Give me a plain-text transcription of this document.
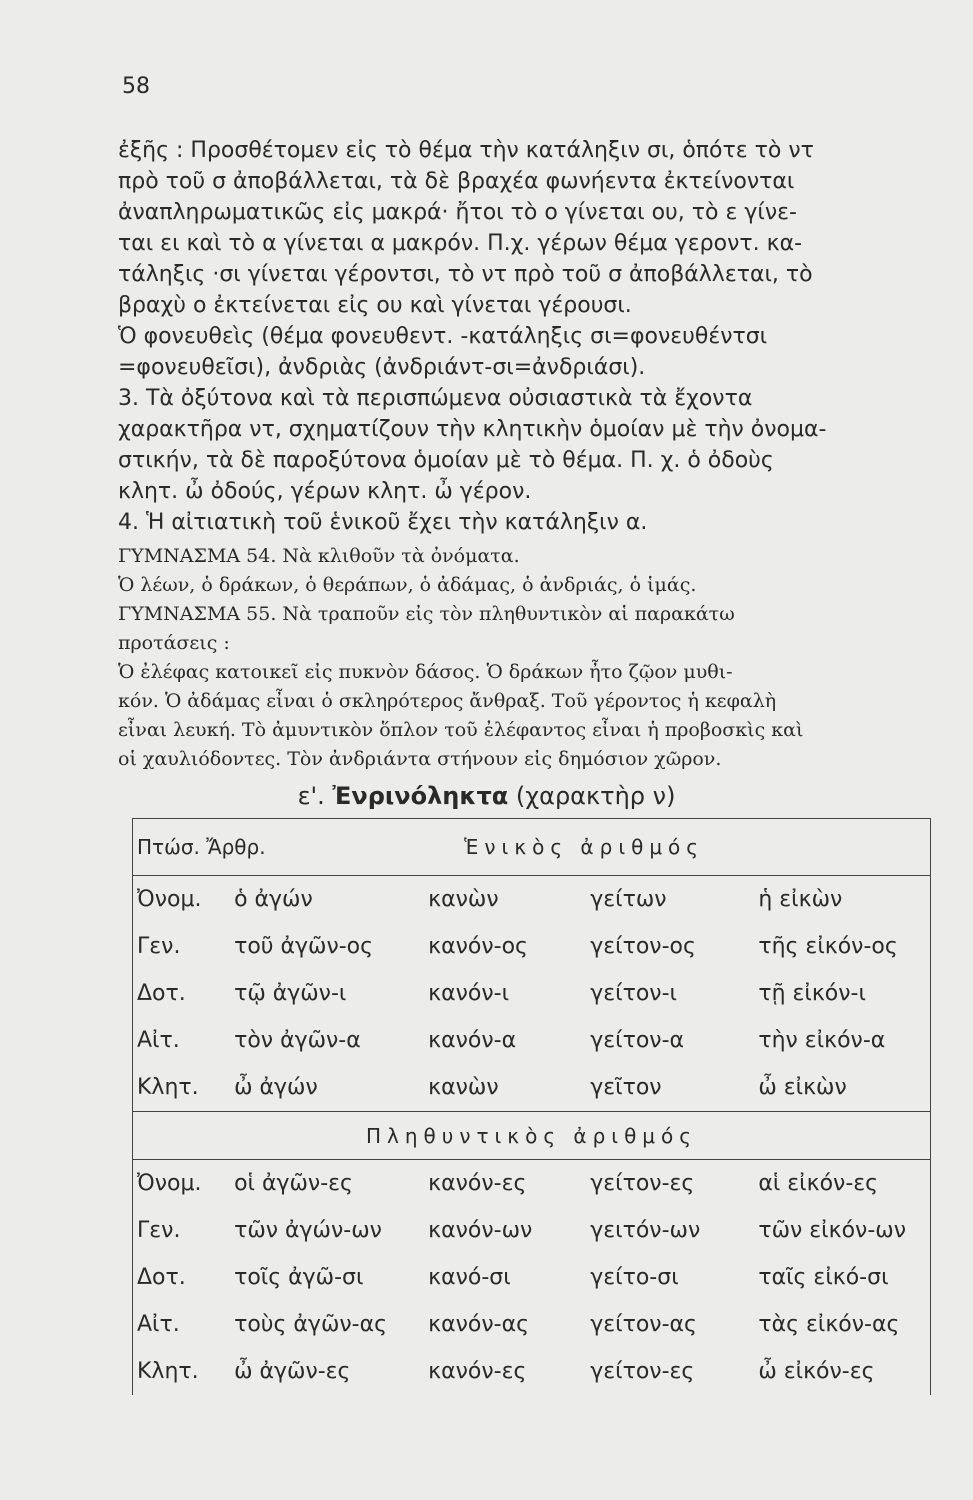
58
ἐξῆς : Προσθέτομεν εἰς τὸ θέμα τὴν κατάληξιν σι, ὁπότε τὸ ντ
πρὸ τοῦ σ ἀποβάλλεται, τὰ δὲ βραχέα φωνήεντα ἐκτείνονται
ἀναπληρωματικῶς εἰς μακρά· ἤτοι τὸ ο γίνεται ου, τὸ ε γίνε-
ται ει καὶ τὸ α γίνεται α μακρόν. Π.χ. γέρων θέμα γεροντ. κα-
τάληξις ·σι γίνεται γέροντσι, τὸ ντ πρὸ τοῦ σ ἀποβάλλεται, τὸ
βραχὺ ο ἐκτείνεται εἰς ου καὶ γίνεται γέρουσι.
Ὁ φονευθεὶς (θέμα φονευθεντ. -κατάληξις σι=φονευθέντσι
=φονευθεῖσι), ἀνδριὰς (ἀνδριάντ-σι=ἀνδριάσι).
3. Τὰ ὀξύτονα καὶ τὰ περισπώμενα οὐσιαστικὰ τὰ ἔχοντα
χαρακτῆρα ντ, σχηματίζουν τὴν κλητικὴν ὁμοίαν μὲ τὴν ὀνομα-
στικήν, τὰ δὲ παροξύτονα ὁμοίαν μὲ τὸ θέμα. Π. χ. ὁ ὀδοὺς
κλητ. ὦ ὀδούς, γέρων κλητ. ὦ γέρον.
4. Ἡ αἰτιατικὴ τοῦ ἑνικοῦ ἔχει τὴν κατάληξιν α.
ΓΥΜΝΑΣΜΑ 54. Νὰ κλιθοῦν τὰ ὀνόματα.
Ὁ λέων, ὁ δράκων, ὁ θεράπων, ὁ ἀδάμας, ὁ ἀνδριάς, ὁ ἱμάς.
ΓΥΜΝΑΣΜΑ 55. Νὰ τραποῦν εἰς τὸν πληθυντικὸν αἱ παρακάτω
προτάσεις :
Ὁ ἐλέφας κατοικεῖ εἰς πυκνὸν δάσος. Ὁ δράκων ἦτο ζῷον μυθι-
κόν. Ὁ ἀδάμας εἶναι ὁ σκληρότερος ἄνθραξ. Τοῦ γέροντος ἡ κεφαλὴ
εἶναι λευκή. Τὸ ἀμυντικὸν ὅπλον τοῦ ἐλέφαντος εἶναι ἡ προβοσκὶς καὶ
οἱ χαυλιόδοντες. Τὸν ἀνδριάντα στήνουν εἰς δημόσιον χῶρον.
ε'. Ἐνρινόληκτα (χαρακτὴρ ν)
Πτώσ. Ἄρθρ.		Ἑνικὸς ἀριθμός		
Ὀνομ.	ὁ ἀγών	κανὼν	γείτων	ἡ εἰκὼν
Γεν.	τοῦ ἀγῶν-ος	κανόν-ος	γείτον-ος	τῆς εἰκόν-ος
Δοτ.	τῷ ἀγῶν-ι	κανόν-ι	γείτον-ι	τῇ εἰκόν-ι
Αἰτ.	τὸν ἀγῶν-α	κανόν-α	γείτον-α	τὴν εἰκόν-α
Κλητ.	ὦ ἀγών	κανὼν	γεῖτον	ὦ εἰκὼν
Πληθυντικὸς ἀριθμός				
Ὀνομ.	οἱ ἀγῶν-ες	κανόν-ες	γείτον-ες	αἱ εἰκόν-ες
Γεν.	τῶν ἀγών-ων	κανόν-ων	γειτόν-ων	τῶν εἰκόν-ων
Δοτ.	τοῖς ἀγῶ-σι	κανό-σι	γείτο-σι	ταῖς εἰκό-σι
Αἰτ.	τοὺς ἀγῶν-ας	κανόν-ας	γείτον-ας	τὰς εἰκόν-ας
Κλητ.	ὦ ἀγῶν-ες	κανόν-ες	γείτον-ες	ὦ εἰκόν-ες
